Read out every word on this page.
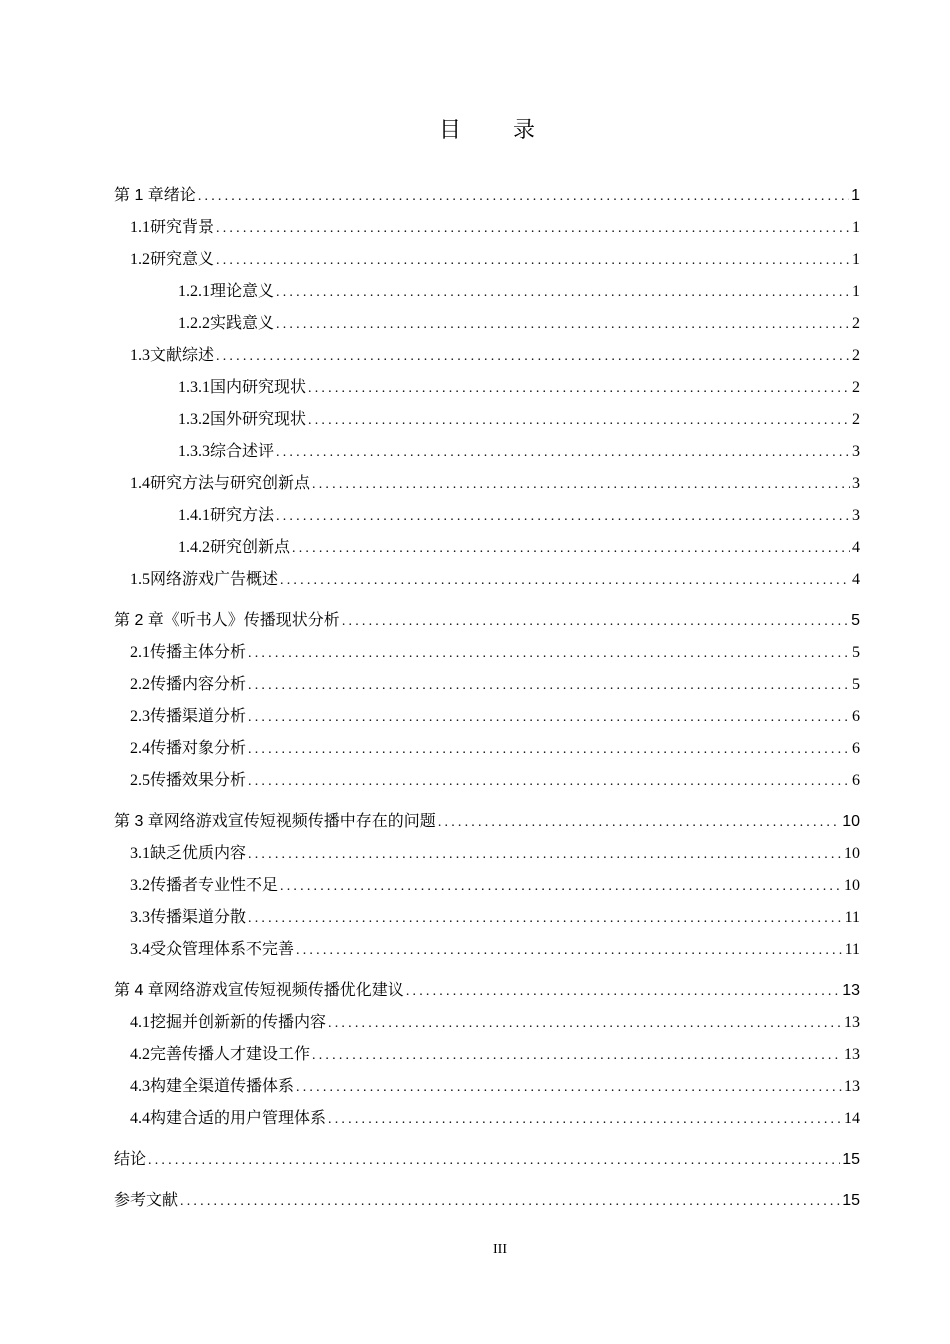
目 录
第 1 章 绪论 .....	1
1.1 研究背景 .....	1
1.2 研究意义 .....	1
1.2.1 理论意义 .....	1
1.2.2 实践意义 .....	2
1.3 文献综述 .....	2
1.3.1 国内研究现状 .....	2
1.3.2 国外研究现状 .....	2
1.3.3 综合述评 .....	3
1.4 研究方法与研究创新点 .....	3
1.4.1 研究方法 .....	3
1.4.2 研究创新点 .....	4
1.5 网络游戏广告概述 .....	4
第 2 章 《听书人》传播现状分析 .....	5
2.1 传播主体分析 .....	5
2.2 传播内容分析 .....	5
2.3 传播渠道分析 .....	6
2.4 传播对象分析 .....	6
2.5 传播效果分析 .....	6
第 3 章 网络游戏宣传短视频传播中存在的问题 .....	10
3.1 缺乏优质内容 .....	10
3.2 传播者专业性不足 .....	10
3.3 传播渠道分散 .....	11
3.4 受众管理体系不完善 .....	11
第 4 章 网络游戏宣传短视频传播优化建议 .....	13
4.1 挖掘并创新新的传播内容 .....	13
4.2 完善传播人才建设工作 .....	13
4.3 构建全渠道传播体系 .....	13
4.4 构建合适的用户管理体系 .....	14
结论 .....	15
参考文献 .....	15
III
